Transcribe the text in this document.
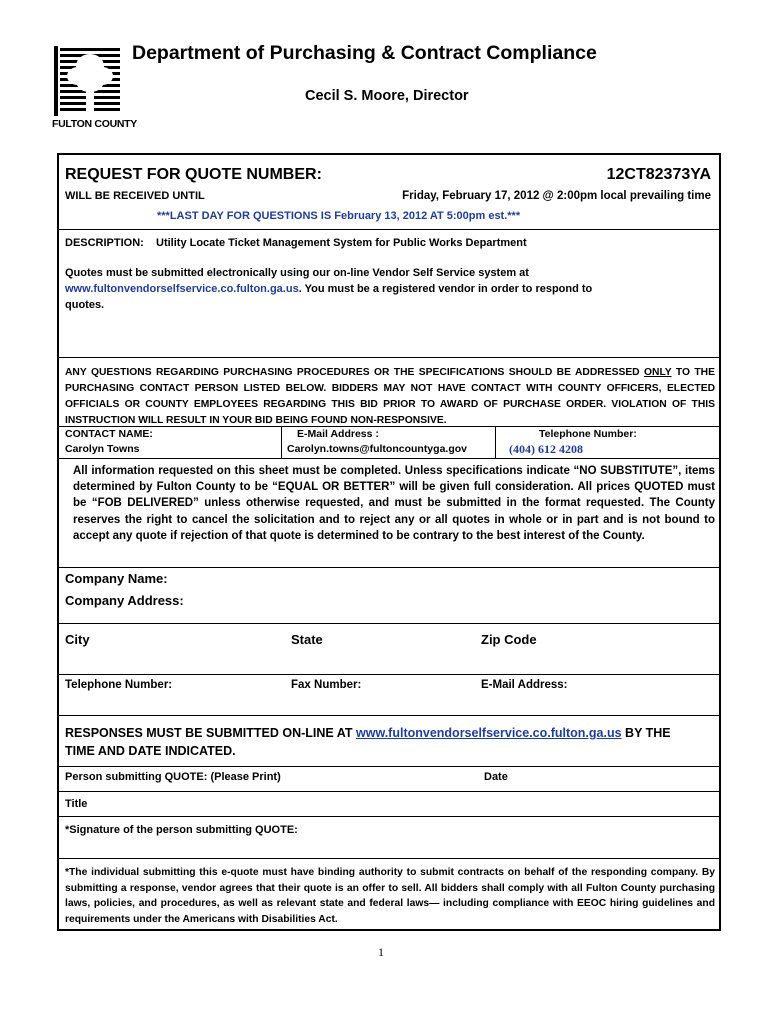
FULTON COUNTY
Department of Purchasing & Contract Compliance
Cecil S. Moore, Director
REQUEST FOR QUOTE NUMBER:	12CT82373YA
WILL BE RECEIVED UNTIL	Friday, February 17, 2012 @ 2:00pm local prevailing time
***LAST DAY FOR QUESTIONS IS February 13, 2012 AT 5:00pm est.***
DESCRIPTION: Utility Locate Ticket Management System for Public Works Department
Quotes must be submitted electronically using our on-line Vendor Self Service system at
www.fultonvendorselfservice.co.fulton.ga.us. You must be a registered vendor in order to respond to
quotes.
ANY QUESTIONS REGARDING PURCHASING PROCEDURES OR THE SPECIFICATIONS SHOULD BE ADDRESSED ONLY TO THE PURCHASING CONTACT PERSON LISTED BELOW. BIDDERS MAY NOT HAVE CONTACT WITH COUNTY OFFICERS, ELECTED OFFICIALS OR COUNTY EMPLOYEES REGARDING THIS BID PRIOR TO AWARD OF PURCHASE ORDER. VIOLATION OF THIS INSTRUCTION WILL RESULT IN YOUR BID BEING FOUND NON-RESPONSIVE.
CONTACT NAME:
Carolyn Towns
E-Mail Address :
Carolyn.towns@fultoncountyga.gov
Telephone Number:
(404) 612 4208
All information requested on this sheet must be completed. Unless specifications indicate “NO SUBSTITUTE”, items determined by Fulton County to be “EQUAL OR BETTER” will be given full consideration. All prices QUOTED must be “FOB DELIVERED” unless otherwise requested, and must be submitted in the format requested. The County reserves the right to cancel the solicitation and to reject any or all quotes in whole or in part and is not bound to accept any quote if rejection of that quote is determined to be contrary to the best interest of the County.
Company Name:
Company Address:
City	State	Zip Code
Telephone Number:	Fax Number:	E-Mail Address:
RESPONSES MUST BE SUBMITTED ON-LINE AT www.fultonvendorselfservice.co.fulton.ga.us BY THE
TIME AND DATE INDICATED.
Person submitting QUOTE: (Please Print)	Date
Title
*Signature of the person submitting QUOTE:
*The individual submitting this e-quote must have binding authority to submit contracts on behalf of the responding company. By submitting a response, vendor agrees that their quote is an offer to sell. All bidders shall comply with all Fulton County purchasing laws, policies, and procedures, as well as relevant state and federal laws— including compliance with EEOC hiring guidelines and requirements under the Americans with Disabilities Act.
1
